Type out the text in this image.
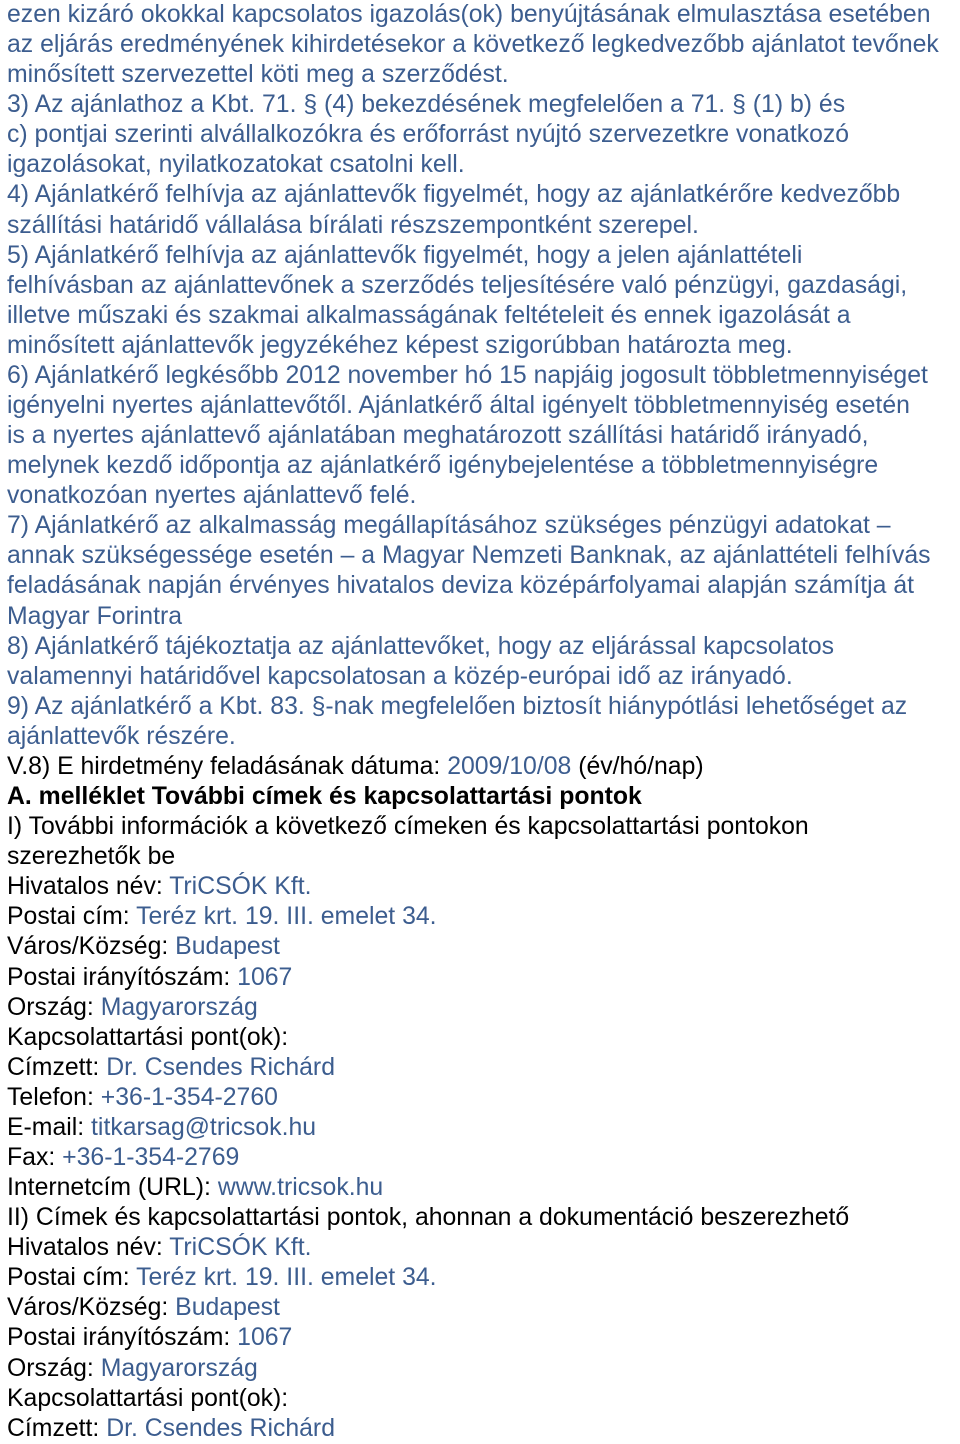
ezen kizáró okokkal kapcsolatos igazolás(ok) benyújtásának elmulasztása esetében
az eljárás eredményének kihirdetésekor a következő legkedvezőbb ajánlatot tevőnek
minősített szervezettel köti meg a szerződést.
3) Az ajánlathoz a Kbt. 71. § (4) bekezdésének megfelelően a 71. § (1) b) és
c) pontjai szerinti alvállalkozókra és erőforrást nyújtó szervezetkre vonatkozó
igazolásokat, nyilatkozatokat csatolni kell.
4) Ajánlatkérő felhívja az ajánlattevők figyelmét, hogy az ajánlatkérőre kedvezőbb
szállítási határidő vállalása bírálati részszempontként szerepel.
5) Ajánlatkérő felhívja az ajánlattevők figyelmét, hogy a jelen ajánlattételi
felhívásban az ajánlattevőnek a szerződés teljesítésére való pénzügyi, gazdasági,
illetve műszaki és szakmai alkalmasságának feltételeit és ennek igazolását a
minősített ajánlattevők jegyzékéhez képest szigorúbban határozta meg.
6) Ajánlatkérő legkésőbb 2012 november hó 15 napjáig jogosult többletmennyiséget
igényelni nyertes ajánlattevőtől. Ajánlatkérő által igényelt többletmennyiség esetén
is a nyertes ajánlattevő ajánlatában meghatározott szállítási határidő irányadó,
melynek kezdő időpontja az ajánlatkérő igénybejelentése a többletmennyiségre
vonatkozóan nyertes ajánlattevő felé.
7) Ajánlatkérő az alkalmasság megállapításához szükséges pénzügyi adatokat –
annak szükségessége esetén – a Magyar Nemzeti Banknak, az ajánlattételi felhívás
feladásának napján érvényes hivatalos deviza középárfolyamai alapján számítja át
Magyar Forintra
8) Ajánlatkérő tájékoztatja az ajánlattevőket, hogy az eljárással kapcsolatos
valamennyi határidővel kapcsolatosan a közép-európai idő az irányadó.
9) Az ajánlatkérő a Kbt. 83. §-nak megfelelően biztosít hiánypótlási lehetőséget az
ajánlattevők részére.
V.8) E hirdetmény feladásának dátuma: 2009/10/08 (év/hó/nap)
A. melléklet További címek és kapcsolattartási pontok
I) További információk a következő címeken és kapcsolattartási pontokon
szerezhetők be
Hivatalos név: TriCSÓK Kft.
Postai cím: Teréz krt. 19. III. emelet 34.
Város/Község: Budapest
Postai irányítószám: 1067
Ország: Magyarország
Kapcsolattartási pont(ok):
Címzett: Dr. Csendes Richárd
Telefon: +36-1-354-2760
E-mail: titkarsag@tricsok.hu
Fax: +36-1-354-2769
Internetcím (URL): www.tricsok.hu
II) Címek és kapcsolattartási pontok, ahonnan a dokumentáció beszerezhető
Hivatalos név: TriCSÓK Kft.
Postai cím: Teréz krt. 19. III. emelet 34.
Város/Község: Budapest
Postai irányítószám: 1067
Ország: Magyarország
Kapcsolattartási pont(ok):
Címzett: Dr. Csendes Richárd
